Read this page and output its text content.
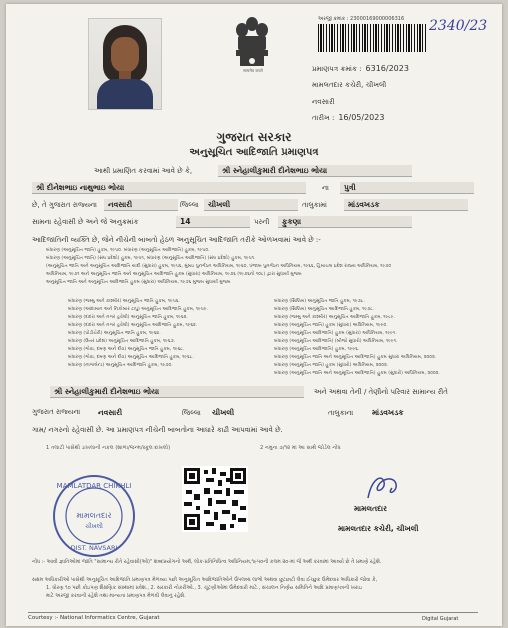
सत्यमेव जयते
અરજી ક્રમાંક : 23000169000006316	2340/23
પ્રમાણપત્ર ક્રમાંક : 6316/2023
મામલતદાર કચેરી, ચીખલી
નવસારી
તારીખ : 16/05/2023
ગુજરાત સરકાર
અનુસૂચિત આદિજાતિ પ્રમાણપત્ર
આથી પ્રમાણિત કરવામાં આવે છે કે,	શ્રી સ્નેહાલીકુમારી દીનેશભાઇ ભોયા
શ્રી દીનેશભાઇ નાથુભાઇ ભોયા	ના	પુત્રી
છે, તે ગુજરાત રાજ્યના	નવસારી	જિલ્લા	ચીખલી	તાલુકામાં	માંડવખડક
સામના રહેવાસી છે અને જે અનુક્રમાંક	14	પરની	ફુકણા
આદિજાતિની વ્યક્તિ છે, જેને નીચેની બાબતો હેઠળ અનુસૂચિત આદિજાતિ તરીકે ઓળખવામાં આવે છે :-
બંધારણ (અનુસૂચિત જાતિ) હુકમ, ૧૯૫૦. બંધારણ (અનુસૂચિત આદિજાતિ) હુકમ, ૧૯૫૦.
બંધારણ (અનુસૂચિત જાતિ) (સંઘ પ્રદેશો) હુકમ, ૧૯૫૧, બંધારણ (અનુસૂચિત આદિજાતિ) (સંઘ પ્રદેશો) હુકમ, ૧૯૫૧.
(અનુસૂચિત જાતિ અને અનુસૂચિત આદિજાતિ યાદી (સુધારા) હુકમ, ૧૯૫૬, મુંબઇ પુનર્ગઠન અધિનિયમ, ૧૯૬૦, પંજાબ પુનર્ગઠન અધિનિયમ, ૧૯૬૬, હિમાચલ પ્રદેશ રાજ્ય અધિનિયમ, ૧૯૭૦
અધિનિયમ, ૧૯૭૧ અને અનુસૂચિત જાતિ અને અનુસૂચિત આદિજાતિ હુકમ (સુધારા) અધિનિયમ, ૧૯૭૬ (૧૯૭૬નો ૧૦૮) દ્વારા સુધાર્યા મુજબ
અનુસૂચિત જાતિ અને અનુસૂચિત આદિજાતિ હુકમ (સુધારા) અધિનિયમ, ૧૯૭૬ મુજબ સુધાર્યા મુજબ
બંધારણ (જમ્મુ અને કાશ્મીર) અનુસૂચિત જાતિ હુકમ, ૧૯૫૬.
બંધારણ (આંદામાન અને નિકોબાર ટાપુ) અનુસૂચિત આદિજાતિ હુકમ, ૧૯૫૯.
બંધારણ (દાદરા અને નગર હવેલી) અનુસૂચિત જાતિ હુકમ, ૧૯૬૨.
બંધારણ (દાદરા અને નગર હવેલી) અનુસૂચિત આદિજાતિ હુકમ, ૧૯૬૨.
બંધારણ (પોંડીચેરી) અનુસૂચિત જાતિ હુકમ, ૧૯૬૪.
બંધારણ (ઉત્તર પ્રદેશ) અનુસૂચિત આદિજાતિ હુકમ, ૧૯૬૭.
બંધારણ (ગોવા, દમણ અને દીવ) અનુસૂચિત જાતિ હુકમ, ૧૯૬૮.
બંધારણ (ગોવા, દમણ અને દીવ) અનુસૂચિત આદિજાતિ હુકમ, ૧૯૬૮.
બંધારણ (નાગાલેન્ડ) અનુસૂચિત આદિજાતિ હુકમ, ૧૯૭૦.
બંધારણ (સિક્કિમ) અનુસૂચિત જાતિ હુકમ, ૧૯૭૮.
બંધારણ (સિક્કિમ) અનુસૂચિત આદિજાતિ હુકમ, ૧૯૭૮.
બંધારણ (જમ્મુ અને કાશ્મીર) અનુસૂચિત આદિજાતિ હુકમ, ૧૯૮૯.
બંધારણ (અનુસૂચિત જાતિ) હુકમ (સુધારા) અધિનિયમ, ૧૯૯૦.
બંધારણ (અનુસૂચિત આદિજાતિ) હુકમ (સુધારા) અધિનિયમ, ૧૯૯૧.
બંધારણ (અનુસૂચિત આદિજાતિ) (બીજો સુધારો) અધિનિયમ, ૧૯૯૧.
બંધારણ (અનુસૂચિત આદિજાતિ) હુકમ, ૧૯૯૬.
બંધારણ (અનુસૂચિત જાતિ અને અનુસૂચિત આદિજાતિ) હુકમ સુધારા અધિનિયમ, ૨૦૦૨.
બંધારણ (અનુસૂચિત જાતિ) હુકમ (સુધારો) અધિનિયમ, ૨૦૦૨.
બંધારણ (અનુસૂચિત જાતિ અને અનુસૂચિત આદિજાતિ) હુકમ (સુધારો) અધિનિયમ, ૨૦૦૨.
શ્રી સ્નેહાલીકુમારી દીનેશભાઇ ભોયા	અને અથવા તેની / તેણીનો પરિવાર સામાન્ય રીતે
ગુજરાત રાજ્યના નવસારી	જિલ્લા ચીખલી	તાલુકાના	માંડવખડક
ગામ/ નગરનો રહેવાસી છે. આ પ્રમાણપત્ર નીચેની બાબતોના આધારે કાઢી આપવામાં આવે છે.
1 તલાટી પાસેથી ડાખલાની નકલ (શાળા/જન્મ/સ્કૂલ દાખલો)	2 નમુના ૭/૧૨ માં આ સાથે જોડેલ નોંધ
MAMLATDAR CHIKHLI
મામલતદાર
ચીખલી
DIST. NAVSARI
મામલતદાર
મામલતદાર કચેરી, ચીખલી
નોંધ :- આવી જ્ઞાતિઓમાં જાતિ "સામાન્ય રીતે રહેવાસી(ઓ)" શબ્દપ્રયોગનો અર્થ, લોક-પ્રતિનિધિત્વ અધિનિયમ,૧૯૫૦ની કલમ ૨૦-માં જે અર્થ કરવામાં આવ્યો છે તે પ્રમાણે રહેશે.
સક્ષમ અધિકારીઓ પાસેથી અનુસૂચિત આદિજાતિ પ્રમાણપત્ર મેળવ્યા પછી અનુસૂચિત આદિજાતિઓને ઉપલબ્ધ લાભો અથવા છૂટછાટો લેવા ઈચ્છુક ઉમેદવાર અધિકારો જોવા કે,
1. ધોરણ ૧૦ પછી કોઇપણ શૈક્ષણિક સંસ્થામાં પ્રવેશ., 2. સરકારી નોકરીઓ., 3. ચૂંટણીઓમાં ઉમેદવારી માટે., સંચાલન નિર્ણય સમિતિને આદિ પ્રમાણપત્રની ખરાઇ
માટે અરજી કરવાની રહેશે તથા માન્યતા પ્રમાણપત્ર મેળવી લેવાનું રહેશે.
Courtesy :- National Informatics Centre, Gujarat	Digital Gujarat
